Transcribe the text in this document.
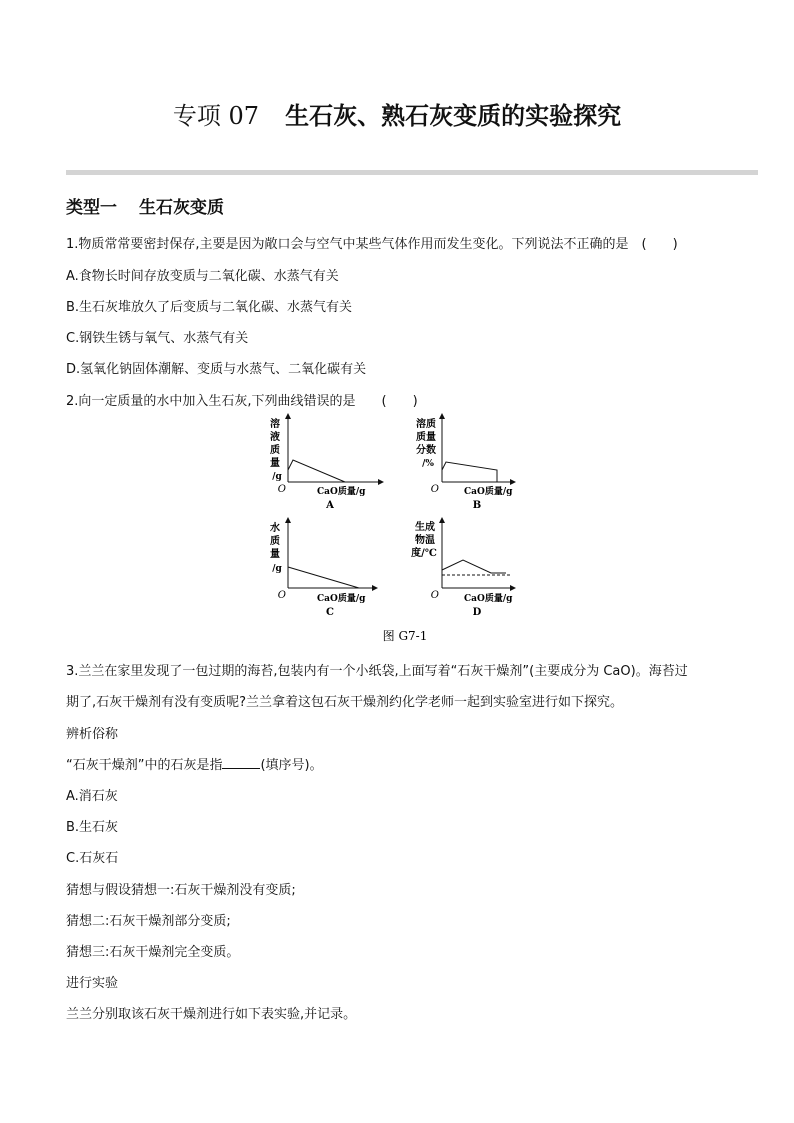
专项 07 生石灰、熟石灰变质的实验探究
类型一 生石灰变质
1.物质常常要密封保存,主要是因为敞口会与空气中某些气体作用而发生变化。下列说法不正确的是　(　　)
A.食物长时间存放变质与二氧化碳、水蒸气有关
B.生石灰堆放久了后变质与二氧化碳、水蒸气有关
C.钢铁生锈与氧气、水蒸气有关
D.氢氧化钠固体潮解、变质与水蒸气、二氧化碳有关
2.向一定质量的水中加入生石灰,下列曲线错误的是　　(　　)
溶
液
质
量
/g
O	CaO质量/g
A
溶质
质量
分数
/%
O	CaO质量/g
B
水
质
量
/g
O	CaO质量/g
C
生成
物温
度/℃
O	CaO质量/g
D
图 G7-1
3.兰兰在家里发现了一包过期的海苔,包装内有一个小纸袋,上面写着“石灰干燥剂”(主要成分为 CaO)。海苔过
期了,石灰干燥剂有没有变质呢?兰兰拿着这包石灰干燥剂约化学老师一起到实验室进行如下探究。
辨析俗称
“石灰干燥剂”中的石灰是指	(填序号)。
A.消石灰
B.生石灰
C.石灰石
猜想与假设猜想一:石灰干燥剂没有变质;
猜想二:石灰干燥剂部分变质;
猜想三:石灰干燥剂完全变质。
进行实验
兰兰分别取该石灰干燥剂进行如下表实验,并记录。
